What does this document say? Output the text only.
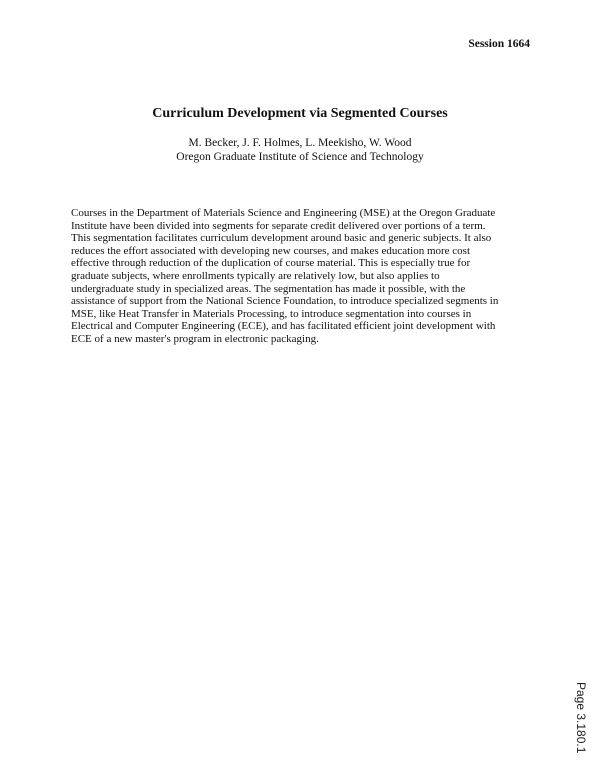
Session 1664
Curriculum Development via Segmented Courses
M. Becker, J. F. Holmes, L. Meekisho, W. Wood
Oregon Graduate Institute of Science and Technology
Courses in the Department of Materials Science and Engineering (MSE) at the Oregon Graduate
Institute have been divided into segments for separate credit delivered over portions of a term.
This segmentation facilitates curriculum development around basic and generic subjects. It also
reduces the effort associated with developing new courses, and makes education more cost
effective through reduction of the duplication of course material. This is especially true for
graduate subjects, where enrollments typically are relatively low, but also applies to
undergraduate study in specialized areas. The segmentation has made it possible, with the
assistance of support from the National Science Foundation, to introduce specialized segments in
MSE, like Heat Transfer in Materials Processing, to introduce segmentation into courses in
Electrical and Computer Engineering (ECE), and has facilitated efficient joint development with
ECE of a new master's program in electronic packaging.
Page 3.180.1
